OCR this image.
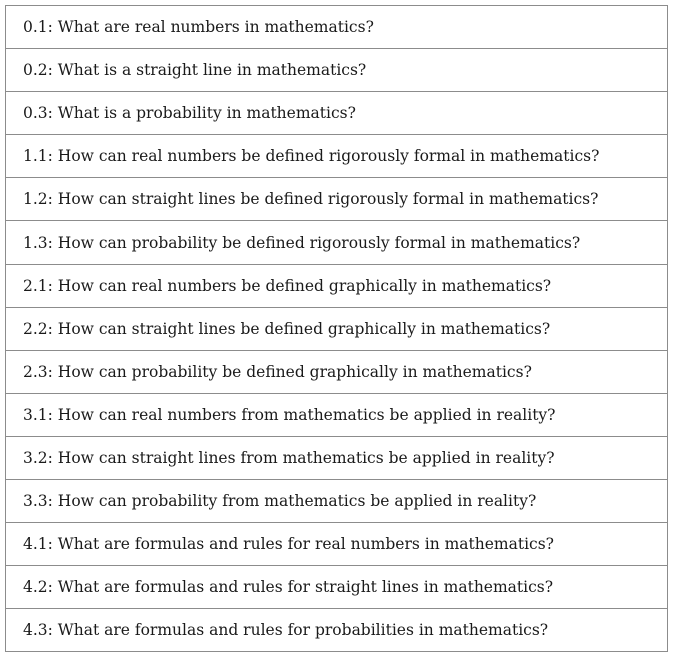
0.1: What are real numbers in mathematics?
0.2: What is a straight line in mathematics?
0.3: What is a probability in mathematics?
1.1: How can real numbers be defined rigorously formal in mathematics?
1.2: How can straight lines be defined rigorously formal in mathematics?
1.3: How can probability be defined rigorously formal in mathematics?
2.1: How can real numbers be defined graphically in mathematics?
2.2: How can straight lines be defined graphically in mathematics?
2.3: How can probability be defined graphically in mathematics?
3.1: How can real numbers from mathematics be applied in reality?
3.2: How can straight lines from mathematics be applied in reality?
3.3: How can probability from mathematics be applied in reality?
4.1: What are formulas and rules for real numbers in mathematics?
4.2: What are formulas and rules for straight lines in mathematics?
4.3: What are formulas and rules for probabilities in mathematics?
